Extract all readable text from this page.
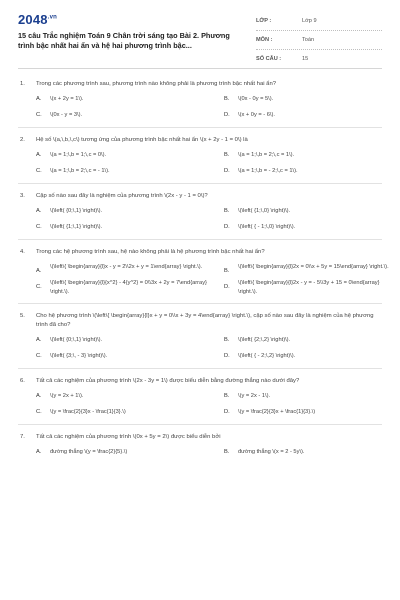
$2048^{.vn}$
15 câu Trắc nghiệm Toán 9 Chân trời sáng tạo Bài 2. Phương trình bậc nhất hai ẩn và hệ hai phương trình bậc...
LỚP :	Lớp 9
MÔN :	Toán
SỐ CÂU :	15
1. Trong các phương trình sau, phương trình nào không phải là phương trình bậc nhất hai ẩn?
A. \(x + 2y = 1\).	B. \(0x - 0y = 5\).
C. \(0x - y = 3\).	D. \(x + 0y = - 6\).
2. Hệ số \(a,\,b,\,c\) tương ứng của phương trình bậc nhất hai ẩn \(x + 2y - 1 = 0\) là
A. \(a = 1;\,b = 1;\,c = 0\).	B. \(a = 1;\,b = 2;\,c = 1\).
C. \(a = 1;\,b = 2;\,c = - 1\).	D. \(a = 1;\,b = - 2;\,c = 1\).
3. Cặp số nào sau đây là nghiệm của phương trình \(2x - y - 1 = 0\)?
A. \(\left( {0;\,1} \right)\).	B. \(\left( {1;\,0} \right)\).
C. \(\left( {1;\,1} \right)\).	D. \(\left( { - 1;\,0} \right)\).
4. Trong các hệ phương trình sau, hệ nào không phải là hệ phương trình bậc nhất hai ẩn?
A.
\(\left\{ \begin{array}{l}x - y = 2\\2x + y = 1\end{array} \right.\).
B.
\(\left\{ \begin{array}{l}2x = 0\\x + 5y = 15\end{array} \right.\).
C.
\(\left\{ \begin{array}{l}{x^2} - 4{y^2} = 0\\3x + 2y = 7\end{array} \right.\).
D.
\(\left\{ \begin{array}{l}2x - y = - 5\\3y + 15 = 0\end{array} \right.\).
5. Cho hệ phương trình \(\left\{ \begin{array}{l}x + y = 0\\x + 3y = 4\end{array} \right.\), cặp số nào sau đây là nghiệm của hệ phương trình đã cho?
A. \(\left( {0;\,1} \right)\).	B. \(\left( {2;\,2} \right)\).
C. \(\left( {3;\, - 3} \right)\).	D. \(\left( { - 2;\,2} \right)\).
6. Tất cả các nghiệm của phương trình \(2x - 3y = 1\) được biểu diễn bằng đường thẳng nào dưới đây?
A. \(y = 2x + 1\).	B. \(y = 2x - 1\).
C. \(y = \frac{2}{3}x - \frac{1}{3}.\)	D. \(y = \frac{2}{3}x + \frac{1}{3}.\)
7. Tất cả các nghiệm của phương trình \(0x + 5y = 2\) được biểu diễn bởi
A. đường thẳng \(y = \frac{2}{5}.\)	B. đường thẳng \(x = 2 - 5y\).
